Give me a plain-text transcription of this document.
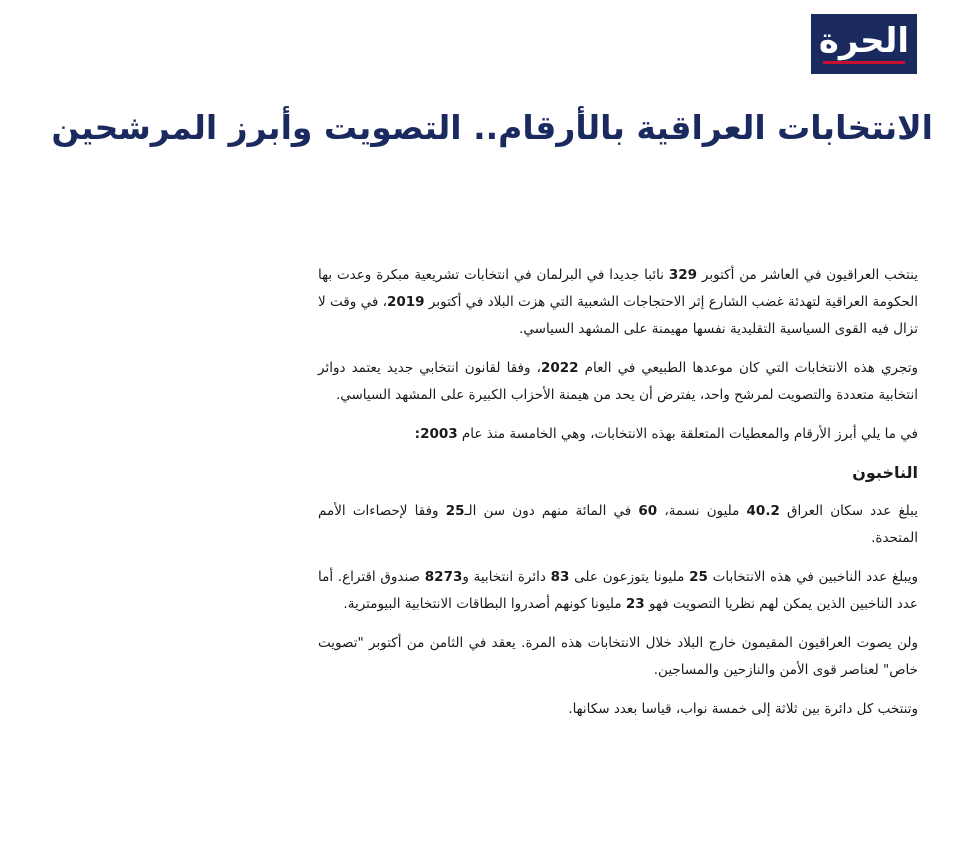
الحرة
الانتخابات العراقية بالأرقام.. التصويت وأبرز المرشحين

ينتخب العراقيون في العاشر من أكتوبر 329 نائبا جديدا في البرلمان في انتخابات تشريعية مبكرة وعدت بها الحكومة العراقية لتهدئة غضب الشارع إثر الاحتجاجات الشعبية التي هزت البلاد في أكتوبر 2019، في وقت لا تزال فيه القوى السياسية التقليدية نفسها مهيمنة على المشهد السياسي.

وتجري هذه الانتخابات التي كان موعدها الطبيعي في العام 2022، وفقا لقانون انتخابي جديد يعتمد دوائر انتخابية متعددة والتصويت لمرشح واحد، يفترض أن يحد من هيمنة الأحزاب الكبيرة على المشهد السياسي.

في ما يلي أبرز الأرقام والمعطيات المتعلقة بهذه الانتخابات، وهي الخامسة منذ عام 2003:

الناخبون

يبلغ عدد سكان العراق 40.2 مليون نسمة، 60 في المائة منهم دون سن الـ25 وفقا لإحصاءات الأمم المتحدة.

ويبلغ عدد الناخبين في هذه الانتخابات 25 مليونا يتوزعون على 83 دائرة انتخابية و8273 صندوق اقتراع. أما عدد الناخبين الذين يمكن لهم نظريا التصويت فهو 23 مليونا كونهم أصدروا البطاقات الانتخابية البيومترية.

ولن يصوت العراقيون المقيمون خارج البلاد خلال الانتخابات هذه المرة. يعقد في الثامن من أكتوبر "تصويت خاص" لعناصر قوى الأمن والنازحين والمساجين.

وتنتخب كل دائرة بين ثلاثة إلى خمسة نواب، قياسا بعدد سكانها.
